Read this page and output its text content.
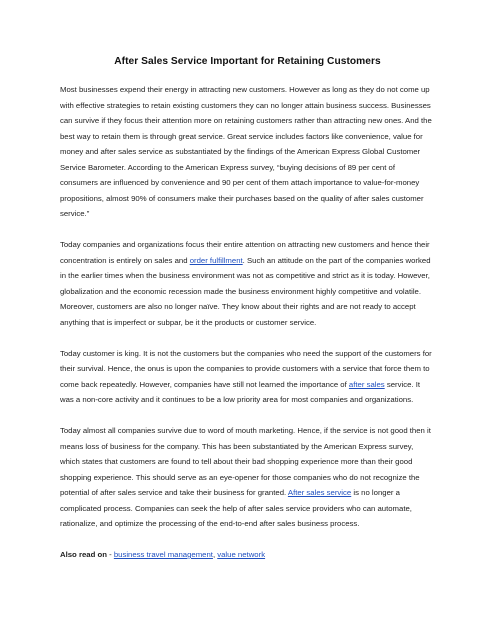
After Sales Service Important for Retaining Customers

Most businesses expend their energy in attracting new customers. However as long as they do not come up with effective strategies to retain existing customers they can no longer attain business success. Businesses can survive if they focus their attention more on retaining customers rather than attracting new ones. And the best way to retain them is through great service. Great service includes factors like convenience, value for money and after sales service as substantiated by the findings of the American Express Global Customer Service Barometer. According to the American Express survey, “buying decisions of 89 per cent of consumers are influenced by convenience and 90 per cent of them attach importance to value-for-money propositions, almost 90% of consumers make their purchases based on the quality of after sales customer service.”

Today companies and organizations focus their entire attention on attracting new customers and hence their concentration is entirely on sales and order fulfillment. Such an attitude on the part of the companies worked in the earlier times when the business environment was not as competitive and strict as it is today. However, globalization and the economic recession made the business environment highly competitive and volatile. Moreover, customers are also no longer naïve. They know about their rights and are not ready to accept anything that is imperfect or subpar, be it the products or customer service.

Today customer is king. It is not the customers but the companies who need the support of the customers for their survival. Hence, the onus is upon the companies to provide customers with a service that force them to come back repeatedly. However, companies have still not learned the importance of after sales service. It was a non-core activity and it continues to be a low priority area for most companies and organizations.

Today almost all companies survive due to word of mouth marketing. Hence, if the service is not good then it means loss of business for the company. This has been substantiated by the American Express survey, which states that customers are found to tell about their bad shopping experience more than their good shopping experience. This should serve as an eye-opener for those companies who do not recognize the potential of after sales service and take their business for granted. After sales service is no longer a complicated process. Companies can seek the help of after sales service providers who can automate, rationalize, and optimize the processing of the end-to-end after sales business process.

Also read on - business travel management, value network
